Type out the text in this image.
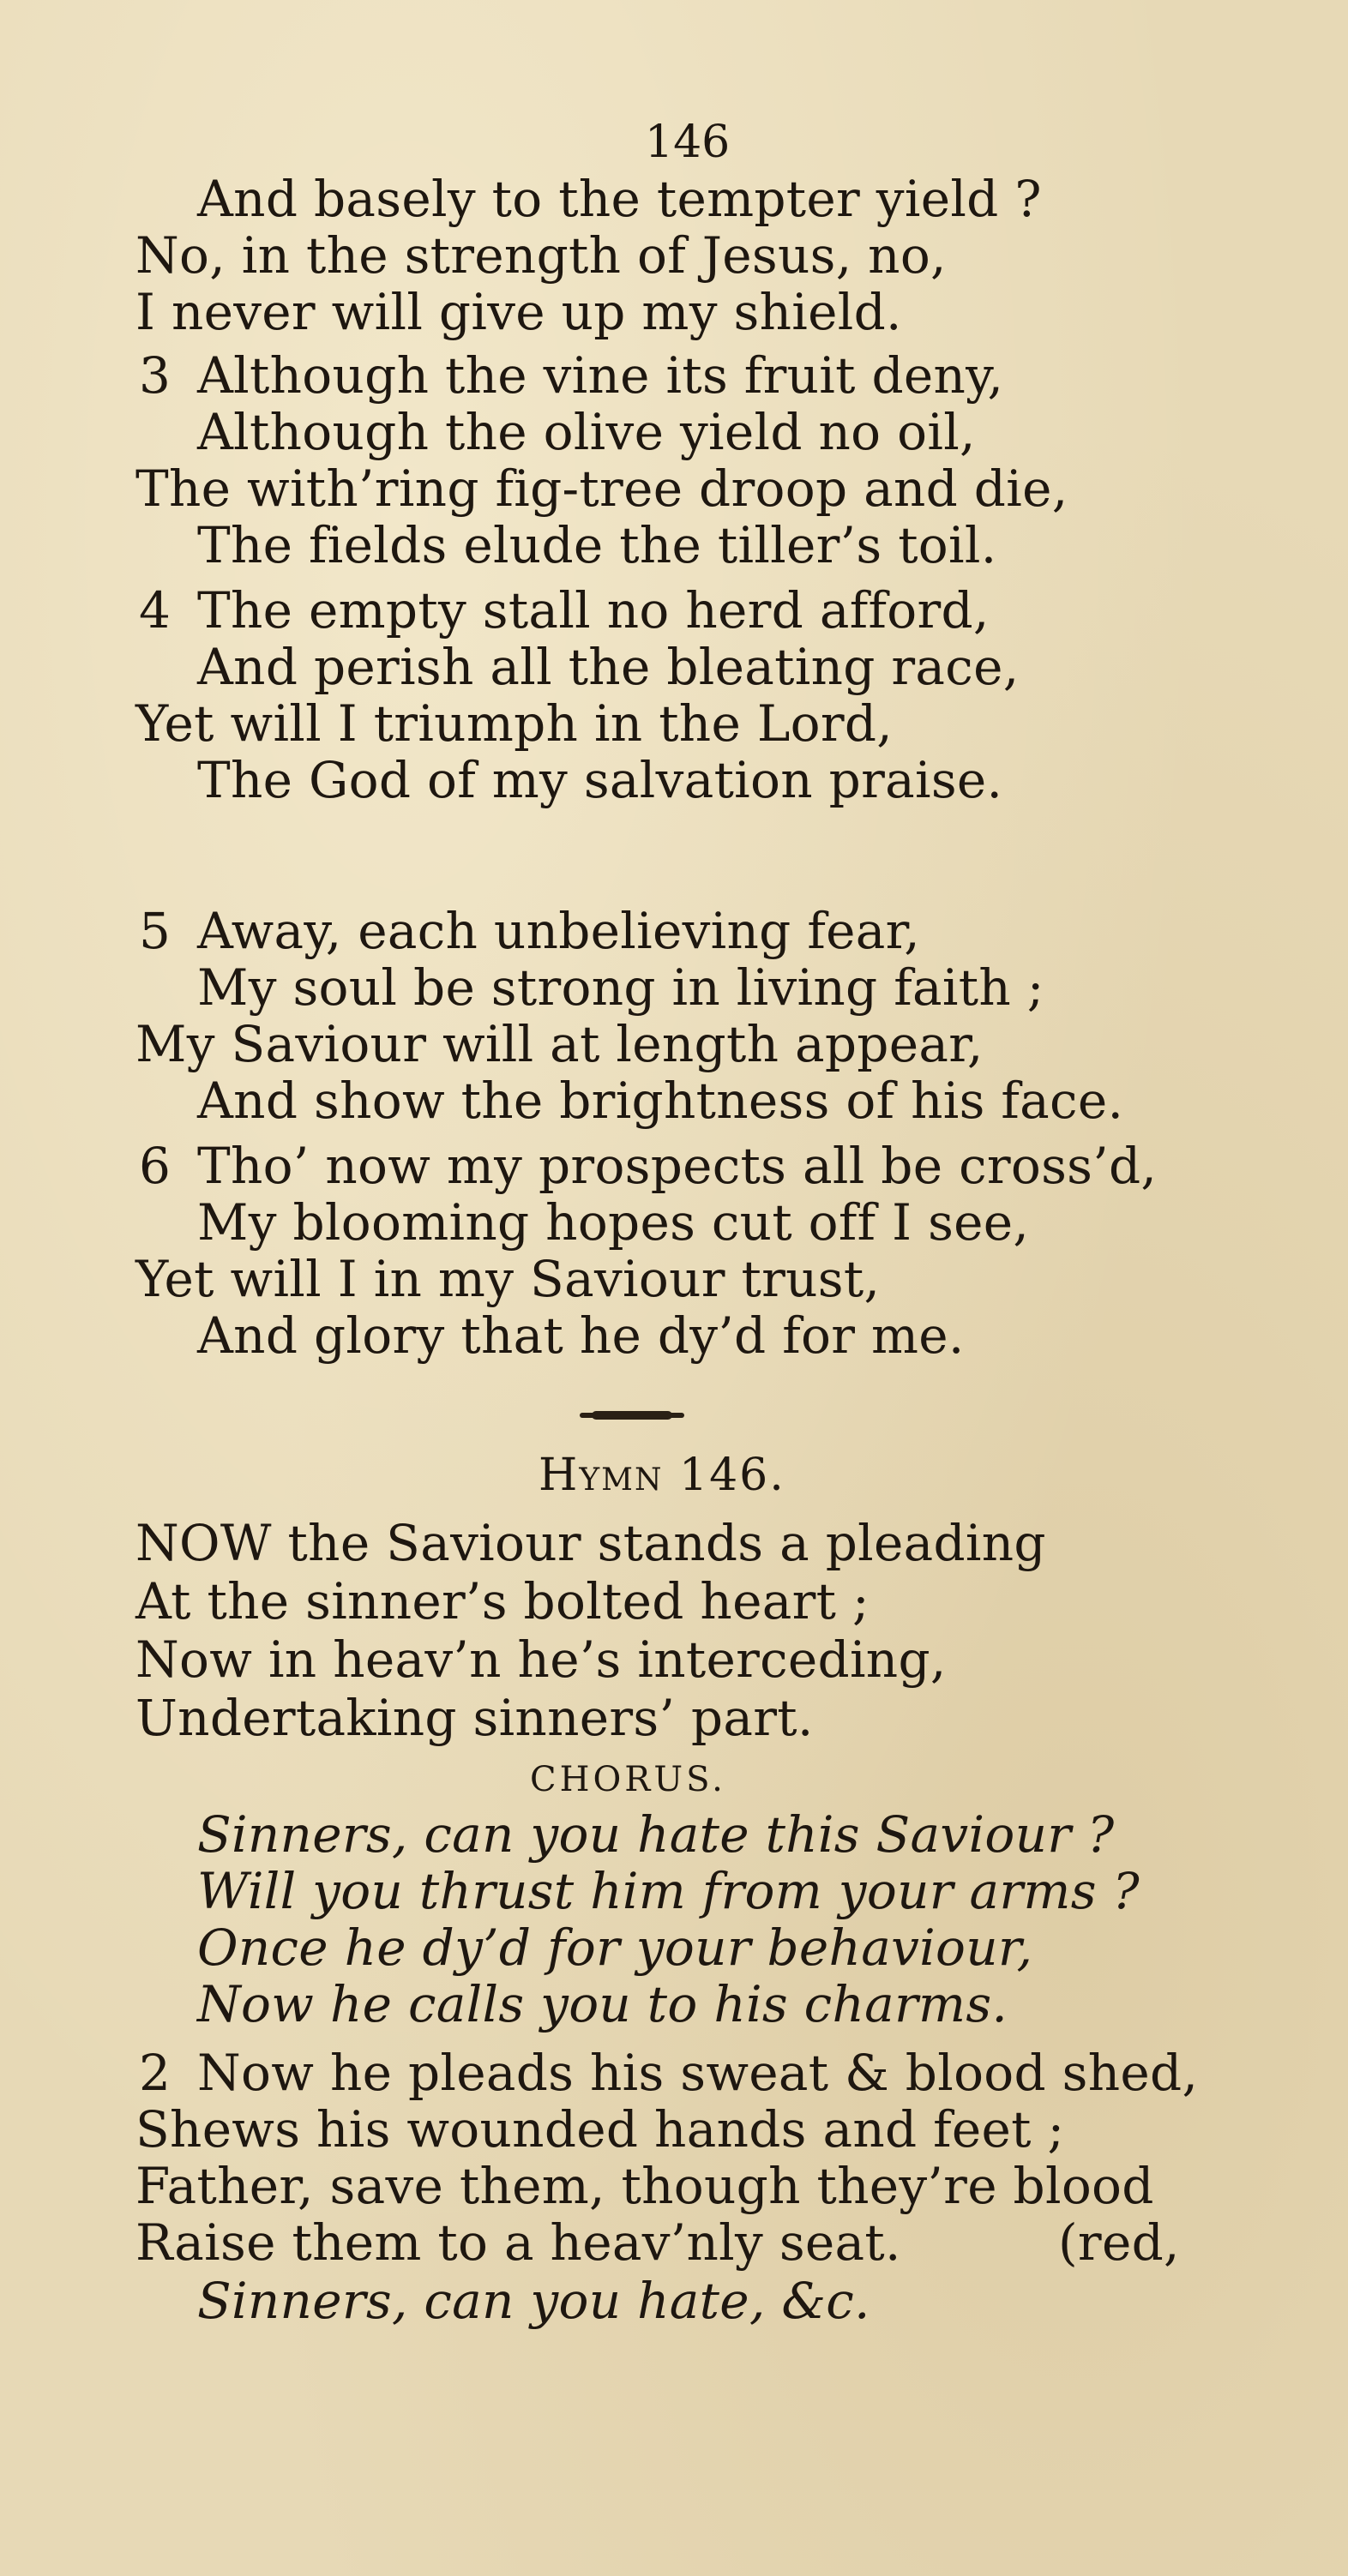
146
And basely to the tempter yield ?
No, in the strength of Jesus, no,
I never will give up my shield.
3 Although the vine its fruit deny,
Although the olive yield no oil,
The with’ring fig-tree droop and die,
The fields elude the tiller’s toil.
4 The empty stall no herd afford,
And perish all the bleating race,
Yet will I triumph in the Lord,
The God of my salvation praise.
5 Away, each unbelieving fear,
My soul be strong in living faith ;
My Saviour will at length appear,
And show the brightness of his face.
6 Tho’ now my prospects all be cross’d,
My blooming hopes cut off I see,
Yet will I in my Saviour trust,
And glory that he dy’d for me.
Hymn 146.
NOW the Saviour stands a pleading
At the sinner’s bolted heart ;
Now in heav’n he’s interceding,
Undertaking sinners’ part.
CHORUS.
Sinners, can you hate this Saviour ?
Will you thrust him from your arms ?
Once he dy’d for your behaviour,
Now he calls you to his charms.
2 Now he pleads his sweat & blood shed,
Shews his wounded hands and feet ;
Father, save them, though they’re blood
Raise them to a heav’nly seat.	(red,
Sinners, can you hate, &c.
